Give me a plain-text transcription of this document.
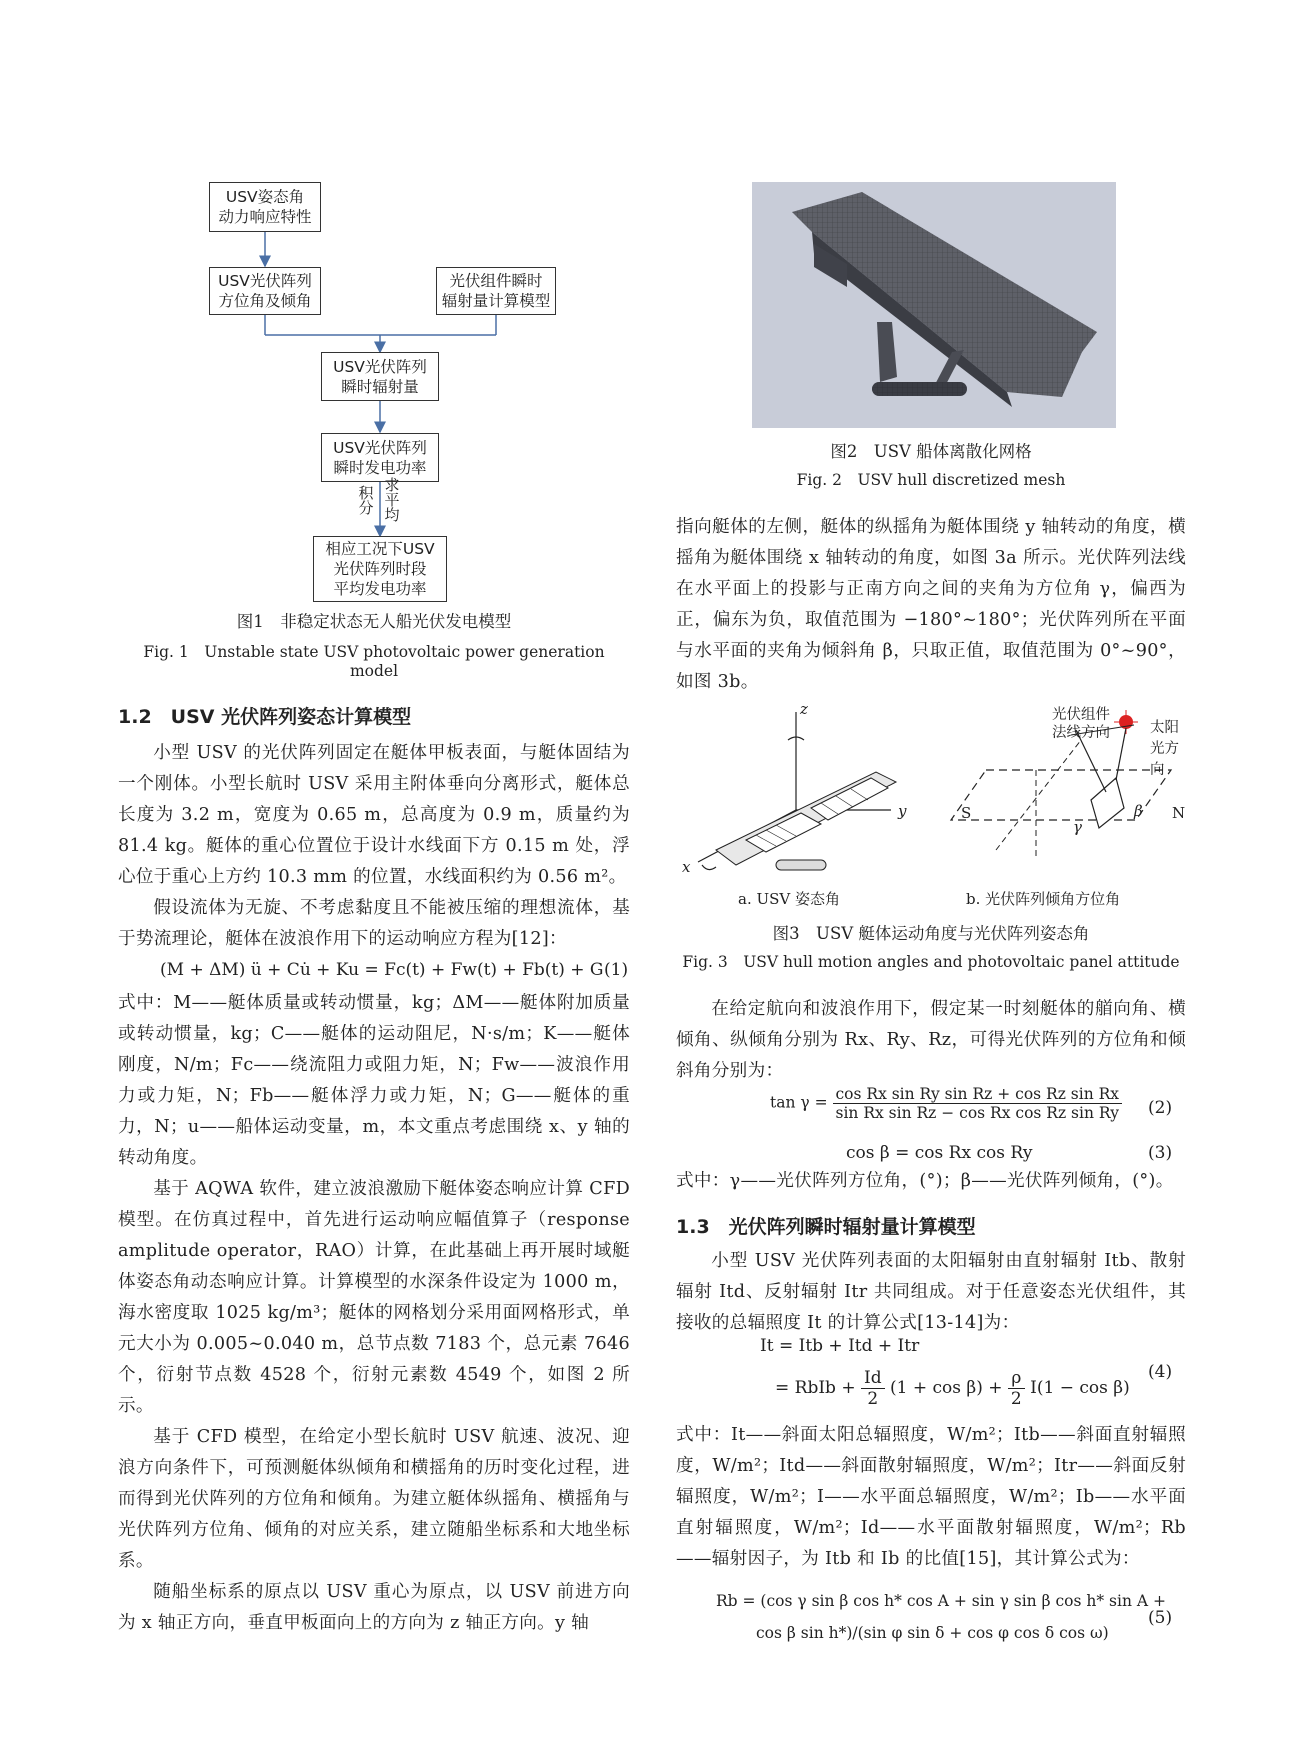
USV姿态角
动力响应特性
USV光伏阵列
方位角及倾角
光伏组件瞬时
辐射量计算模型
USV光伏阵列
瞬时辐射量
USV光伏阵列
瞬时发电功率
相应工况下USV
光伏阵列时段
平均发电功率
积分
求平均
图1　非稳定状态无人船光伏发电模型
Fig. 1　Unstable state USV photovoltaic power generation model
1.2　USV 光伏阵列姿态计算模型

小型 USV 的光伏阵列固定在艇体甲板表面，与艇体固结为一个刚体。小型长航时 USV 采用主附体垂向分离形式，艇体总长度为 3.2 m，宽度为 0.65 m，总高度为 0.9 m，质量约为 81.4 kg。艇体的重心位置位于设计水线面下方 0.15 m 处，浮心位于重心上方约 10.3 mm 的位置，水线面积约为 0.56 m²。

假设流体为无旋、不考虑黏度且不能被压缩的理想流体，基于势流理论，艇体在波浪作用下的运动响应方程为[12]：

(M + ΔM) ü + Cu̇ + Ku = Fc(t) + Fw(t) + Fb(t) + G (1)

式中：M——艇体质量或转动惯量，kg；ΔM——艇体附加质量或转动惯量，kg；C——艇体的运动阻尼，N·s/m；K——艇体刚度，N/m；Fc——绕流阻力或阻力矩，N；Fw——波浪作用力或力矩，N；Fb——艇体浮力或力矩，N；G——艇体的重力，N；u——船体运动变量，m，本文重点考虑围绕 x、y 轴的转动角度。

基于 AQWA 软件，建立波浪激励下艇体姿态响应计算 CFD 模型。在仿真过程中，首先进行运动响应幅值算子（response amplitude operator，RAO）计算，在此基础上再开展时域艇体姿态角动态响应计算。计算模型的水深条件设定为 1000 m，海水密度取 1025 kg/m³；艇体的网格划分采用面网格形式，单元大小为 0.005~0.040 m，总节点数 7183 个，总元素 7646 个，衍射节点数 4528 个，衍射元素数 4549 个，如图 2 所示。

基于 CFD 模型，在给定小型长航时 USV 航速、波况、迎浪方向条件下，可预测艇体纵倾角和横摇角的历时变化过程，进而得到光伏阵列的方位角和倾角。为建立艇体纵摇角、横摇角与光伏阵列方位角、倾角的对应关系，建立随船坐标系和大地坐标系。

随船坐标系的原点以 USV 重心为原点，以 USV 前进方向为 x 轴正方向，垂直甲板面向上的方向为 z 轴正方向。y 轴

图2　USV 船体离散化网格
Fig. 2　USV hull discretized mesh

指向艇体的左侧，艇体的纵摇角为艇体围绕 y 轴转动的角度，横摇角为艇体围绕 x 轴转动的角度，如图 3a 所示。光伏阵列法线在水平面上的投影与正南方向之间的夹角为方位角 γ，偏西为正，偏东为负，取值范围为 −180°~180°；光伏阵列所在平面与水平面的夹角为倾斜角 β，只取正值，取值范围为 0°~90°，如图 3b。

z
y
x
光伏组件
法线方向	太阳光方向
S	N
β
γ
a. USV 姿态角	b. 光伏阵列倾角方位角
图3　USV 艇体运动角度与光伏阵列姿态角
Fig. 3　USV hull motion angles and photovoltaic panel attitude

在给定航向和波浪作用下，假定某一时刻艇体的艏向角、横倾角、纵倾角分别为 Rx、Ry、Rz，可得光伏阵列的方位角和倾斜角分别为：

$\tan \gamma = \frac{\text{cos Rx sin Ry sin Rz + cos Rz sin Rx}}{\text{sin Rx sin Rz − cos Rx cos Rz sin Ry}} (2)$
cos β = cos Rx cos Ry	(3)

式中：γ——光伏阵列方位角，(°)；β——光伏阵列倾角，(°)。

1.3　光伏阵列瞬时辐射量计算模型

小型 USV 光伏阵列表面的太阳辐射由直射辐射 Itb、散射辐射 Itd、反射辐射 Itr 共同组成。对于任意姿态光伏组件，其接收的总辐照度 It 的计算公式[13-14]为：

It = Itb + Itd + Itr
= RbIb + $\frac{Id}{2} (1 + \cos \beta) + \frac{\rho}{2} I(1 - \cos \beta)$
(4)

式中：It——斜面太阳总辐照度，W/m²；Itb——斜面直射辐照度，W/m²；Itd——斜面散射辐照度，W/m²；Itr——斜面反射辐照度，W/m²；I——水平面总辐照度，W/m²；Ib——水平面直射辐照度，W/m²；Id——水平面散射辐照度，W/m²；Rb——辐射因子，为 Itb 和 Ib 的比值[15]，其计算公式为：

Rb = (cos γ sin β cos h* cos A + sin γ sin β cos h* sin A +
cos β sin h*)/(sin φ sin δ + cos φ cos δ cos ω)
(5)
